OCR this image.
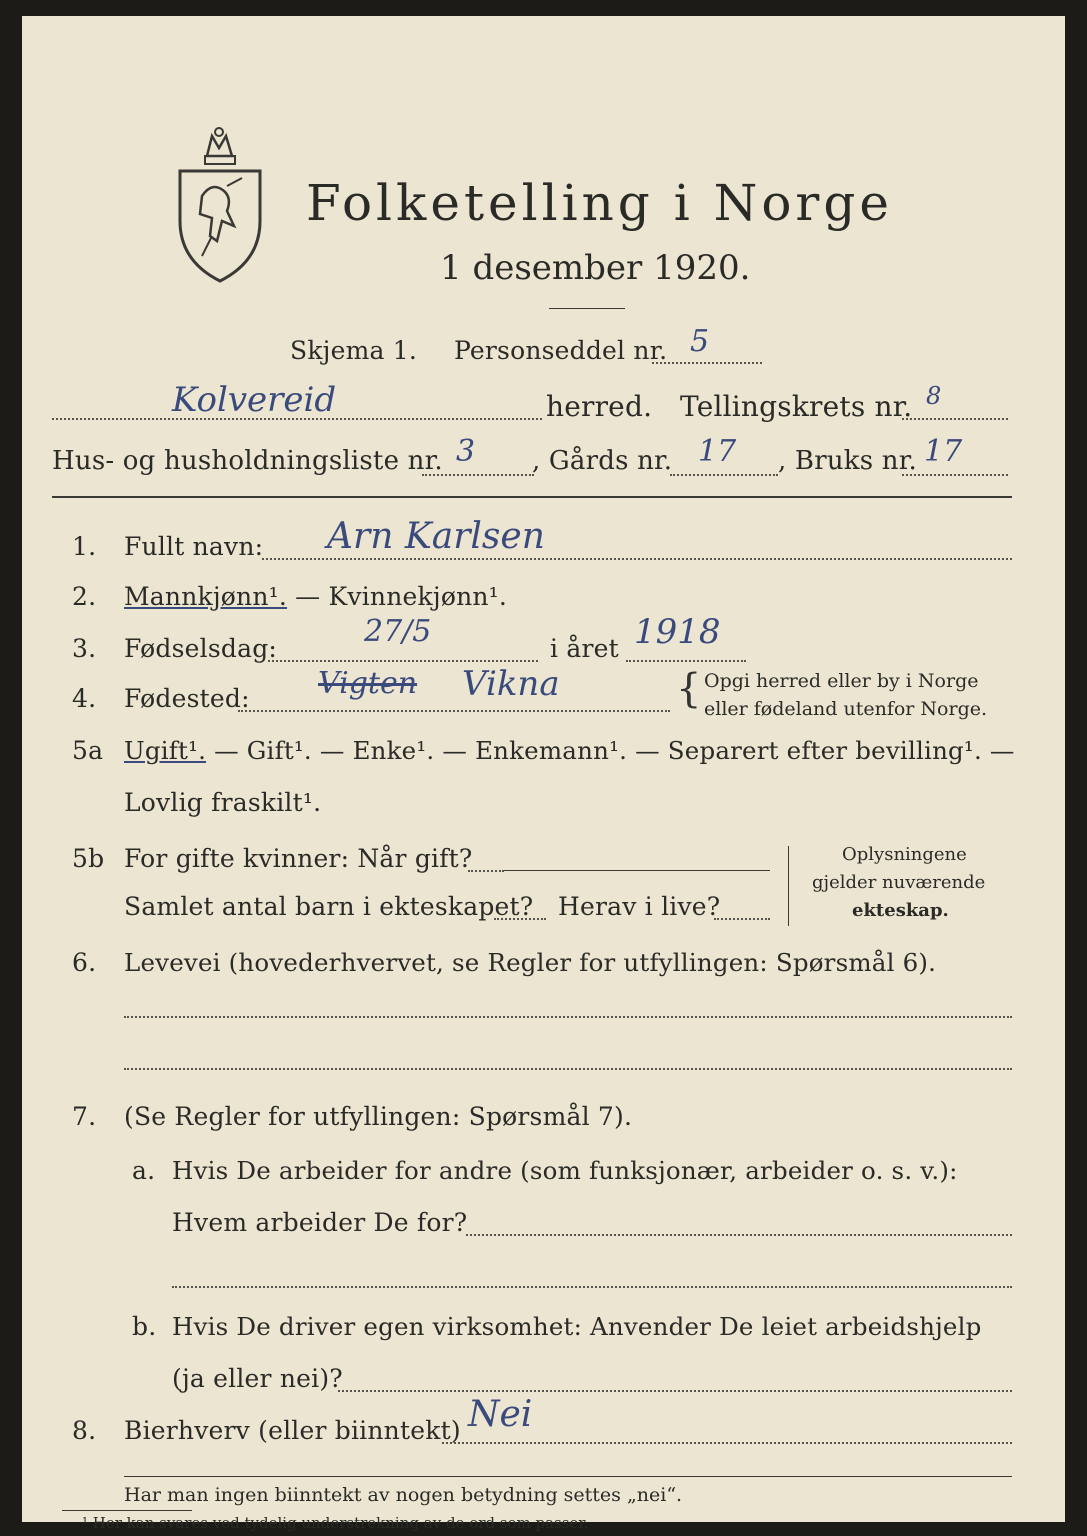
Folketelling i Norge
1 desember 1920.
Skjema 1. Personseddel nr. 5
Kolvereid	herred. Tellingskrets nr. 8
Hus- og husholdningsliste nr. 3 , Gårds nr. 17 , Bruks nr. 17
1. Fullt navn: Arn Karlsen
2. Mannkjønn¹. — Kvinnekjønn¹.
3. Fødselsdag:	27/5	i året 1918
4. Fødested: Vigten Vikna	{ Opgi herred eller by i Norge
eller fødeland utenfor Norge.
5a Ugift¹. — Gift¹. — Enke¹. — Enkemann¹. — Separert efter bevilling¹. —
Lovlig fraskilt¹.
5b For gifte kvinner: Når gift?
Samlet antal barn i ekteskapet? Herav i live?
Oplysningene
gjelder nuværende
ekteskap.
6. Levevei (hovederhvervet, se Regler for utfyllingen: Spørsmål 6).
7. (Se Regler for utfyllingen: Spørsmål 7).
a. Hvis De arbeider for andre (som funksjonær, arbeider o. s. v.):
Hvem arbeider De for?
b. Hvis De driver egen virksomhet: Anvender De leiet arbeidshjelp
(ja eller nei)?
8. Bierhverv (eller biinntekt) Nei
Har man ingen biinntekt av nogen betydning settes „nei“.
¹ Her kan svares ved tydelig understrekning av de ord som passer.
